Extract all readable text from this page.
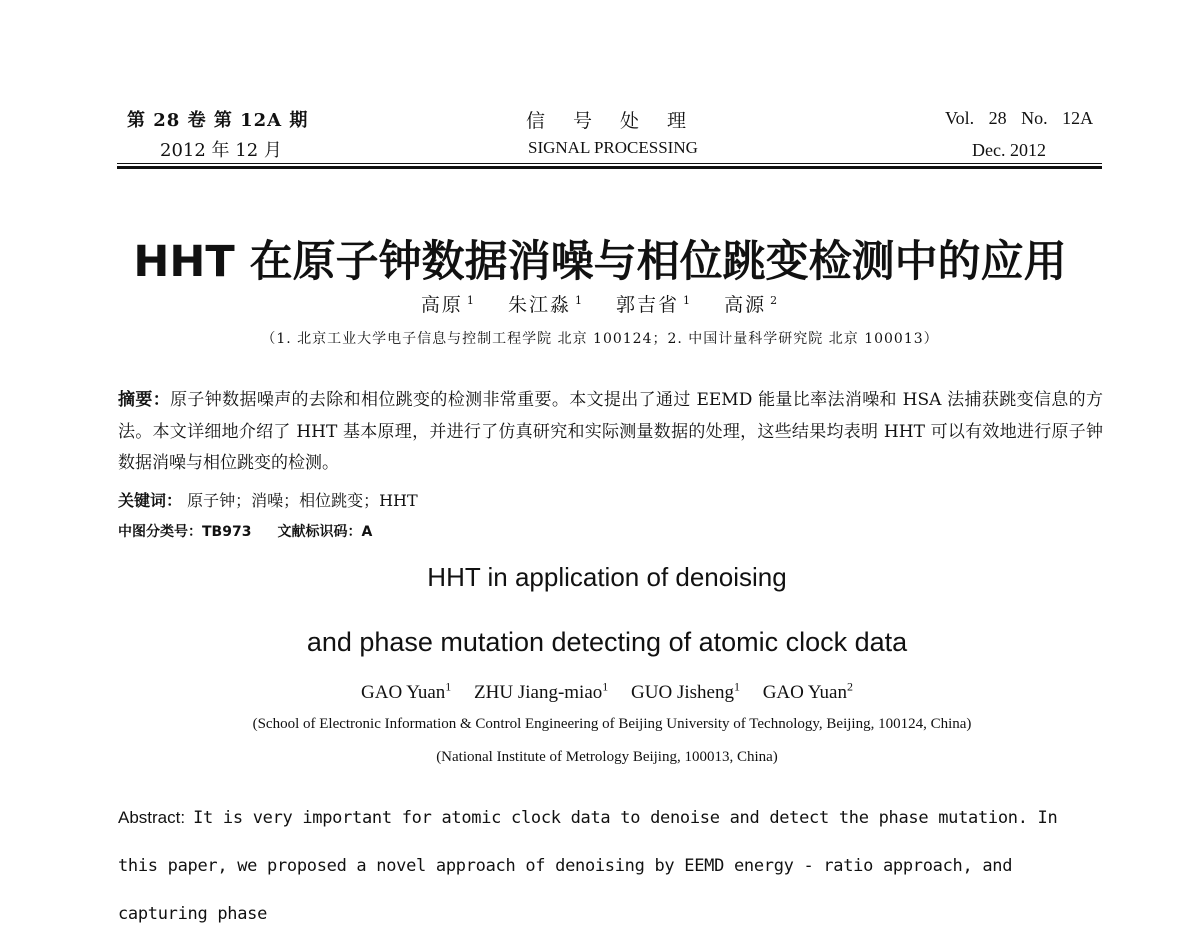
第 28 卷 第 12A 期
2012 年 12 月
信号处理
SIGNAL PROCESSING
Vol. 28 No. 12A
Dec. 2012
HHT 在原子钟数据消噪与相位跳变检测中的应用
高原 $^1$ 朱江淼 $^1$ 郭吉省 $^1$ 高源 $^2$
（1. 北京工业大学电子信息与控制工程学院 北京 100124；2. 中国计量科学研究院 北京 100013）
摘要：原子钟数据噪声的去除和相位跳变的检测非常重要。本文提出了通过 EEMD 能量比率法消噪和 HSA 法捕获跳变信息的方法。本文详细地介绍了 HHT 基本原理，并进行了仿真研究和实际测量数据的处理，这些结果均表明 HHT 可以有效地进行原子钟数据消噪与相位跳变的检测。
关键词： 原子钟；消噪；相位跳变；HHT
中图分类号：TB973 文献标识码：A
HHT in application of denoising
and phase mutation detecting of atomic clock data
GAO Yuan$^1$ ZHU Jiang-miao$^1$ GUO Jisheng$^1$ GAO Yuan$^2$
(School of Electronic Information & Control Engineering of Beijing University of Technology, Beijing, 100124, China)
(National Institute of Metrology Beijing, 100013, China)
Abstract: It is very important for atomic clock data to denoise and detect the phase mutation. In this paper, we proposed a novel approach of denoising by EEMD energy - ratio approach, and capturing phase
